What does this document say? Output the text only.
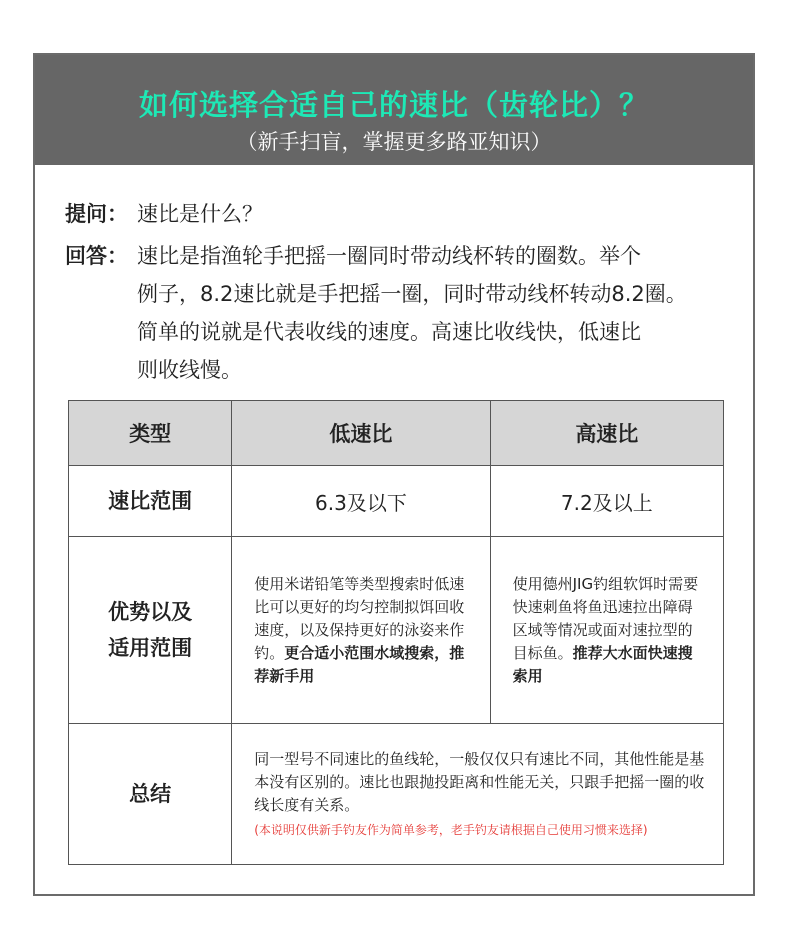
如何选择合适自己的速比（齿轮比）？
（新手扫盲，掌握更多路亚知识）
提问： 速比是什么？
回答： 速比是指渔轮手把摇一圈同时带动线杯转的圈数。举个
例子，8.2速比就是手把摇一圈，同时带动线杯转动8.2圈。
简单的说就是代表收线的速度。高速比收线快，低速比
则收线慢。
类型	低速比	高速比
速比范围	6.3及以下	7.2及以上
优势以及
适用范围	使用米诺铅笔等类型搜索时低速比可以更好的均匀控制拟饵回收速度，以及保持更好的泳姿来作钓。更合适小范围水域搜索，推荐新手用	使用德州JIG钓组软饵时需要快速刺鱼将鱼迅速拉出障碍区域等情况或面对速拉型的目标鱼。推荐大水面快速搜索用
总结	同一型号不同速比的鱼线轮，一般仅仅只有速比不同，其他性能是基本没有区别的。速比也跟抛投距离和性能无关，只跟手把摇一圈的收线长度有关系。
(本说明仅供新手钓友作为简单参考，老手钓友请根据自己使用习惯来选择)	
